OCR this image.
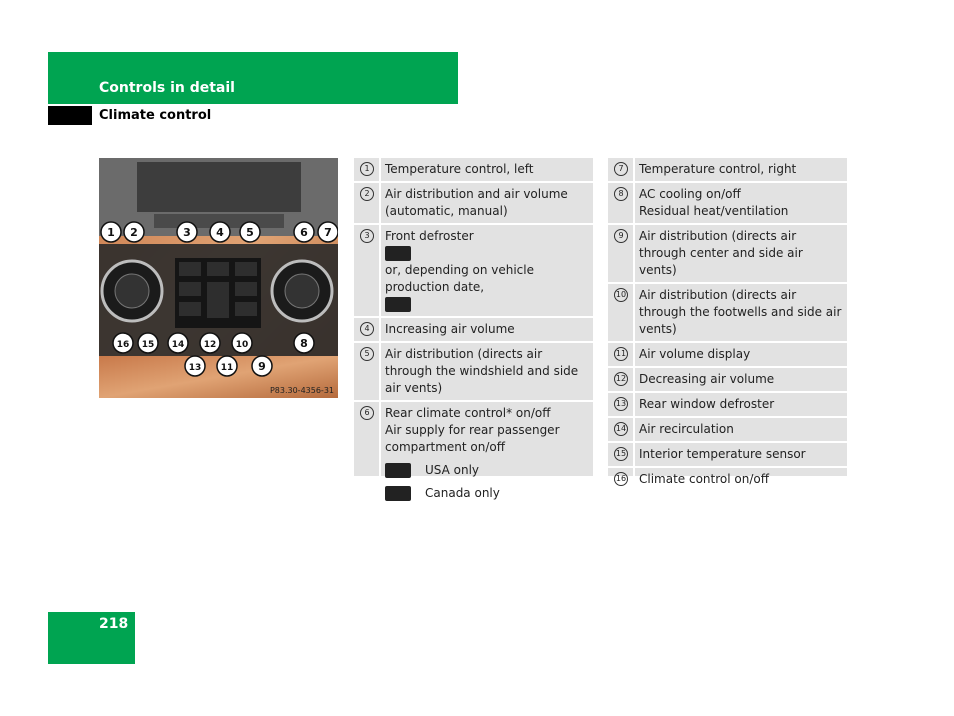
Controls in detail
Climate control
1 2	3 4 5	6 7
8
9
10
11
12
13
14
15
16
P83.30-4356-31
1	Temperature control, left
2	Air distribution and air volume (automatic, manual)
3	Front defroster
or, depending on vehicle production date,
4	Increasing air volume
5	Air distribution (directs air through the windshield and side air vents)
6	Rear climate control* on/off
Air supply for rear passenger compartment on/off
USA only
Canada only
7	Temperature control, right
8	AC cooling on/off
Residual heat/ventilation
9	Air distribution (directs air through center and side air vents)
10 Air distribution (directs air through the footwells and side air vents)
11 Air volume display
12 Decreasing air volume
13 Rear window defroster
14 Air recirculation
15 Interior temperature sensor
16 Climate control on/off
218
